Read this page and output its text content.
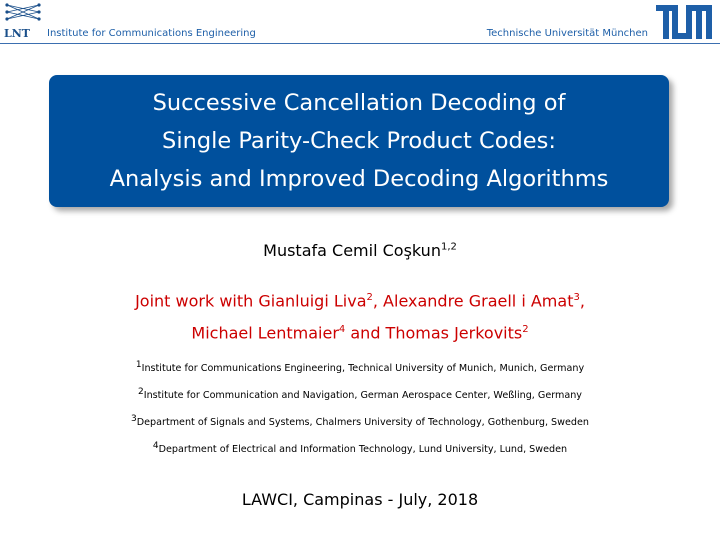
LNT Institute for Communications Engineering	Technische Universität München
Successive Cancellation Decoding of
Single Parity-Check Product Codes:
Analysis and Improved Decoding Algorithms
Mustafa Cemil Coşkun$^{1,2}$
Joint work with Gianluigi Liva$^2$, Alexandre Graell i Amat$^3$,
Michael Lentmaier$^4$ and Thomas Jerkovits$^2$
$^1$Institute for Communications Engineering, Technical University of Munich, Munich, Germany
$^2$Institute for Communication and Navigation, German Aerospace Center, Weßling, Germany
$^3$Department of Signals and Systems, Chalmers University of Technology, Gothenburg, Sweden
$^4$Department of Electrical and Information Technology, Lund University, Lund, Sweden
LAWCI, Campinas - July, 2018
